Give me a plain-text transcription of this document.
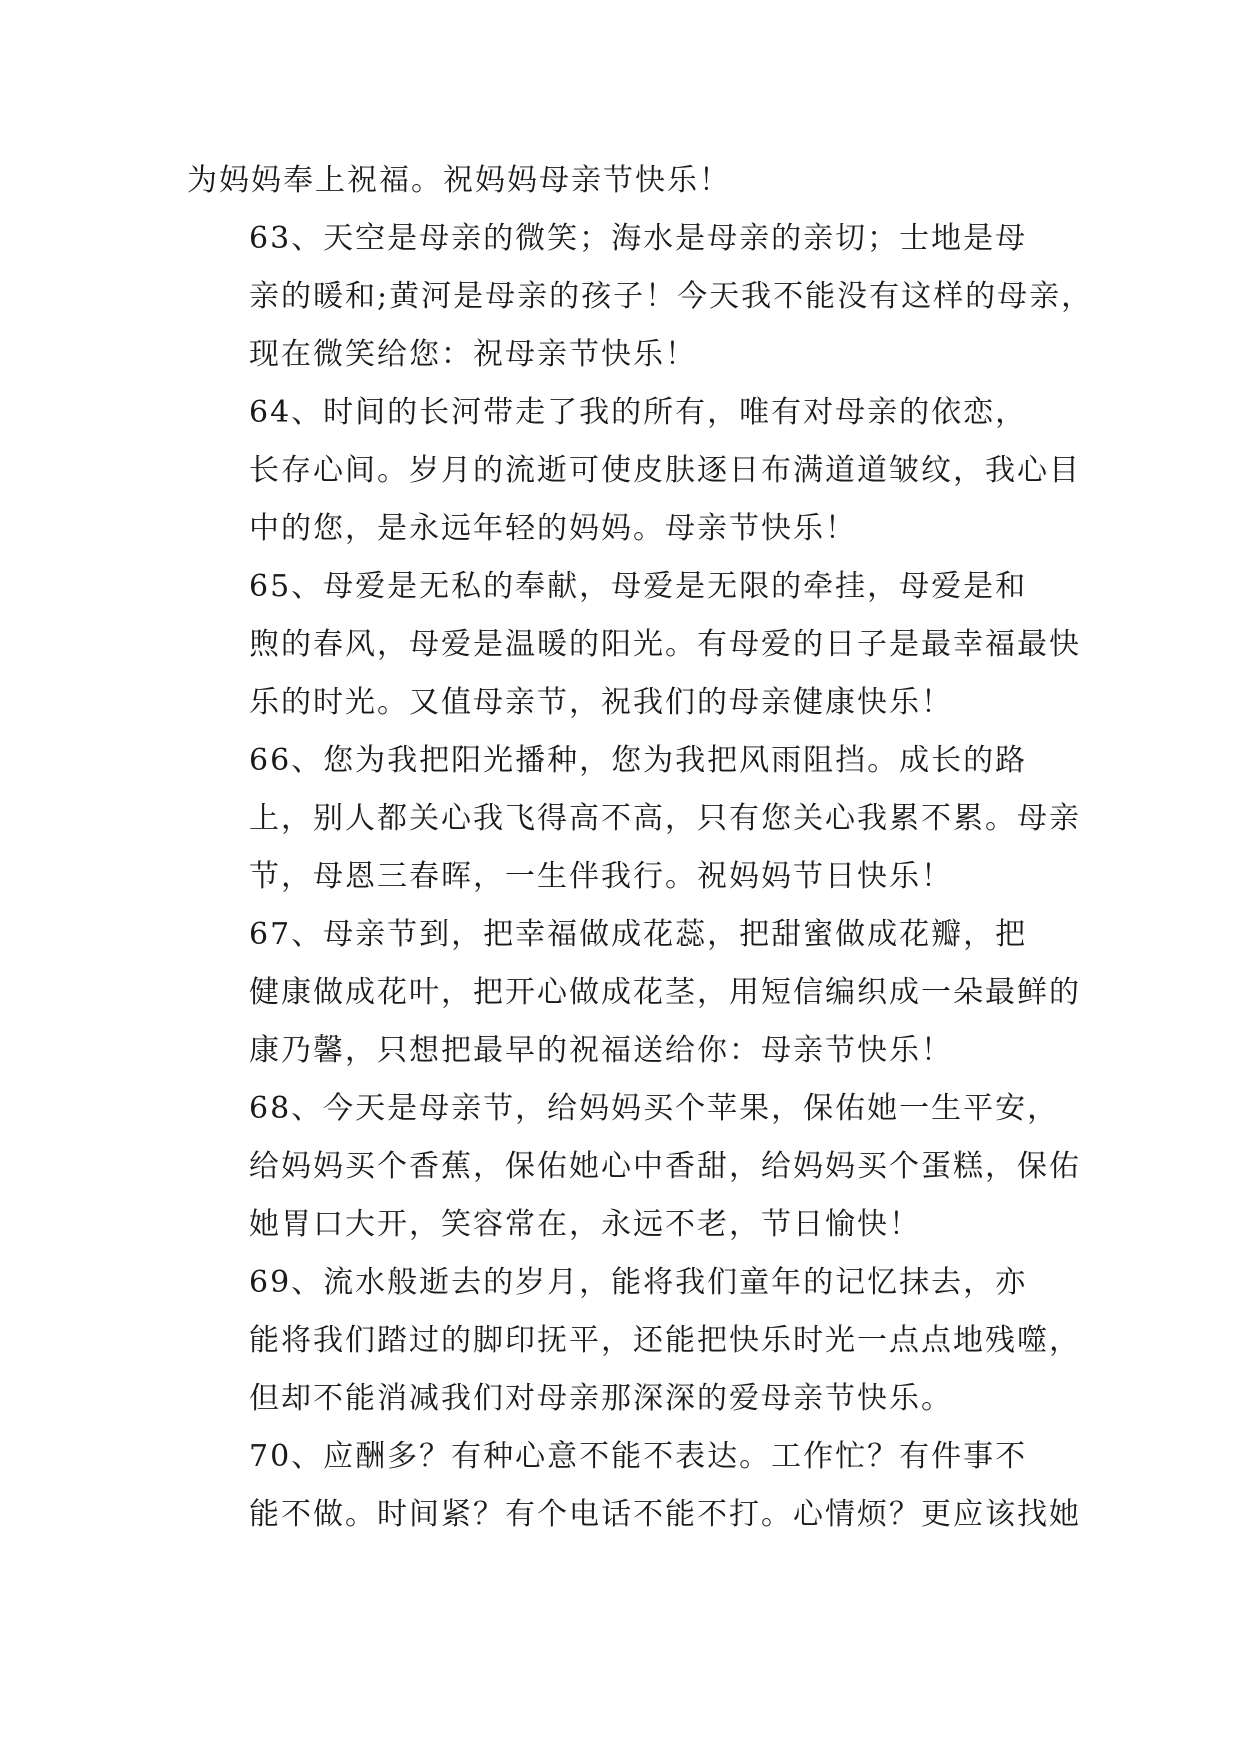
为妈妈奉上祝福。祝妈妈母亲节快乐！

63、天空是母亲的微笑；海水是母亲的亲切；士地是母
亲的暖和;黄河是母亲的孩子！今天我不能没有这样的母亲，
现在微笑给您：祝母亲节快乐！

64、时间的长河带走了我的所有，唯有对母亲的依恋，
长存心间。岁月的流逝可使皮肤逐日布满道道皱纹，我心目
中的您，是永远年轻的妈妈。母亲节快乐！

65、母爱是无私的奉献，母爱是无限的牵挂，母爱是和
煦的春风，母爱是温暖的阳光。有母爱的日子是最幸福最快
乐的时光。又值母亲节，祝我们的母亲健康快乐！

66、您为我把阳光播种，您为我把风雨阻挡。成长的路
上，别人都关心我飞得高不高，只有您关心我累不累。母亲
节，母恩三春晖，一生伴我行。祝妈妈节日快乐！

67、母亲节到，把幸福做成花蕊，把甜蜜做成花瓣，把
健康做成花叶，把开心做成花茎，用短信编织成一朵最鲜的
康乃馨，只想把最早的祝福送给你：母亲节快乐！

68、今天是母亲节，给妈妈买个苹果，保佑她一生平安，
给妈妈买个香蕉，保佑她心中香甜，给妈妈买个蛋糕，保佑
她胃口大开，笑容常在，永远不老，节日愉快！

69、流水般逝去的岁月，能将我们童年的记忆抹去，亦
能将我们踏过的脚印抚平，还能把快乐时光一点点地残噬，
但却不能消减我们对母亲那深深的爱母亲节快乐。

70、应酬多？有种心意不能不表达。工作忙？有件事不
能不做。时间紧？有个电话不能不打。心情烦？更应该找她
